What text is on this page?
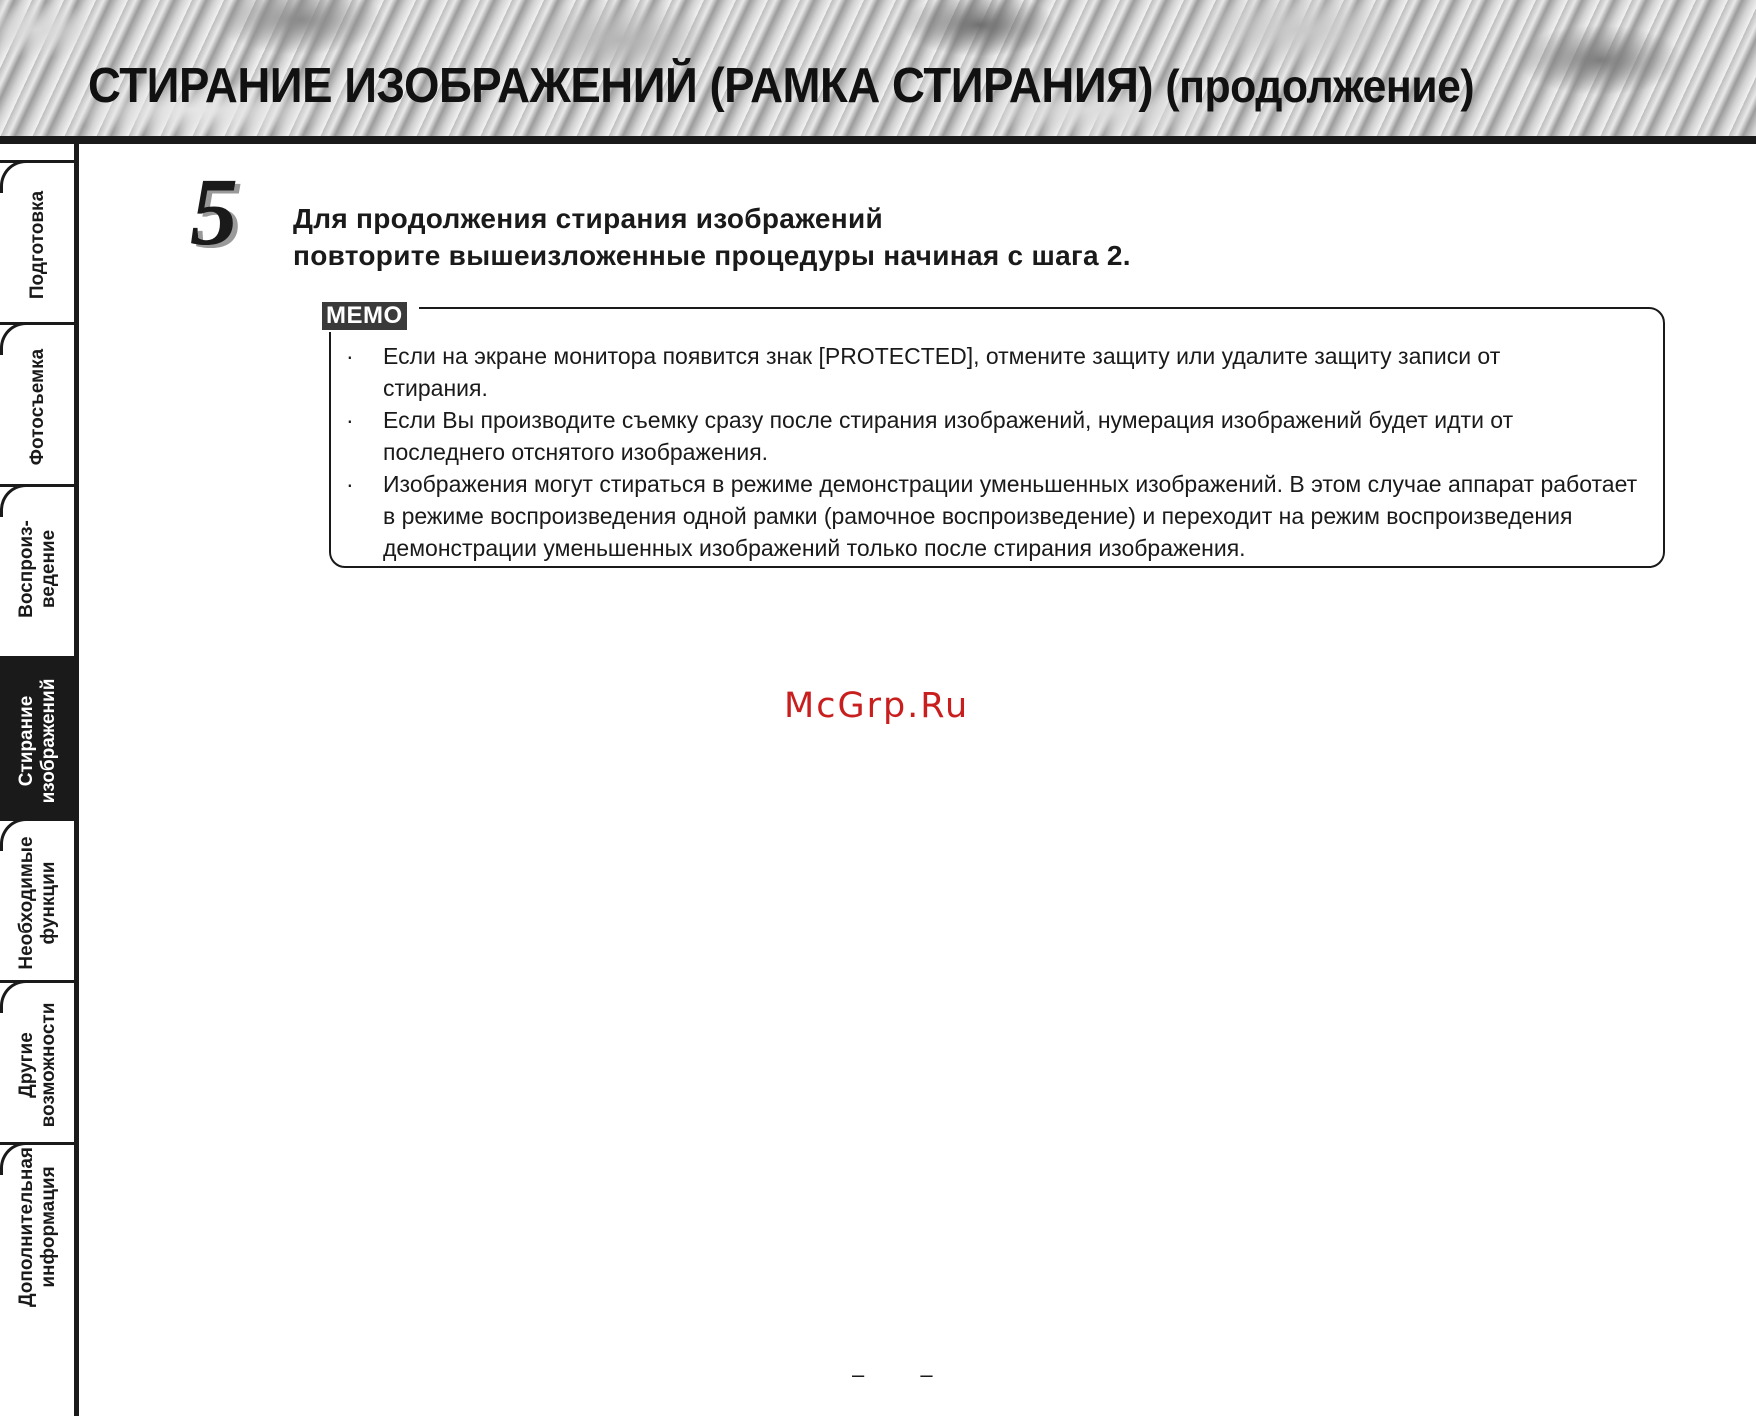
СТИРАНИЕ ИЗОБРАЖЕНИЙ (РАМКА СТИРАНИЯ) (продолжение)
Подготовка
Фотосъемка
Воспроиз- ведение
Стирание изображений
Необходимые функции
Другие возможности
Дополнительная информация
5 Для продолжения стирания изображений
повторите вышеизложенные процедуры начиная с шага 2.
MEMO
· Если на экране монитора появится знак [PROTECTED], отмените защиту или удалите защиту записи от
стирания.
· Если Вы производите съемку сразу после стирания изображений, нумерация изображений будет идти от
последнего отснятого изображения.
· Изображения могут стираться в режиме демонстрации уменьшенных изображений. В этом случае аппарат работает
в режиме воспроизведения одной рамки (рамочное воспроизведение) и переходит на режим воспроизведения
демонстрации уменьшенных изображений только после стирания изображения.
McGrp.Ru
– –
